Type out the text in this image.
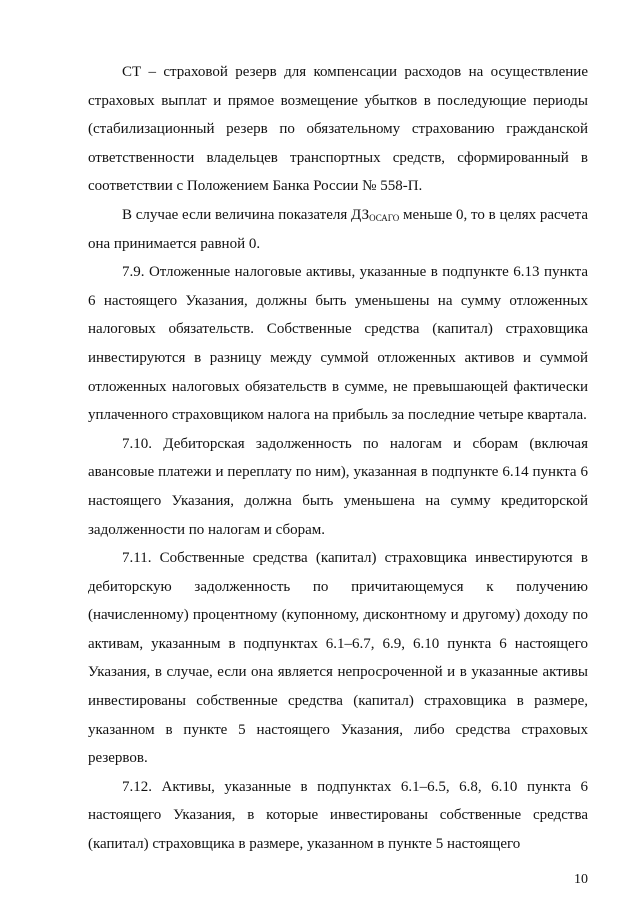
СТ – страховой резерв для компенсации расходов на осуществление страховых выплат и прямое возмещение убытков в последующие периоды (стабилизационный резерв по обязательному страхованию гражданской ответственности владельцев транспортных средств, сформированный в соответствии с Положением Банка России № 558-П.

В случае если величина показателя $ДЗ_{ОСАГО}$ меньше 0, то в целях расчета она принимается равной 0.

7.9. Отложенные налоговые активы, указанные в подпункте 6.13 пункта 6 настоящего Указания, должны быть уменьшены на сумму отложенных налоговых обязательств. Собственные средства (капитал) страховщика инвестируются в разницу между суммой отложенных активов и суммой отложенных налоговых обязательств в сумме, не превышающей фактически уплаченного страховщиком налога на прибыль за последние четыре квартала.

7.10. Дебиторская задолженность по налогам и сборам (включая авансовые платежи и переплату по ним), указанная в подпункте 6.14 пункта 6 настоящего Указания, должна быть уменьшена на сумму кредиторской задолженности по налогам и сборам.

7.11. Собственные средства (капитал) страховщика инвестируются в дебиторскую задолженность по причитающемуся к получению (начисленному) процентному (купонному, дисконтному и другому) доходу по активам, указанным в подпунктах 6.1–6.7, 6.9, 6.10 пункта 6 настоящего Указания, в случае, если она является непросроченной и в указанные активы инвестированы собственные средства (капитал) страховщика в размере, указанном в пункте 5 настоящего Указания, либо средства страховых резервов.

7.12. Активы, указанные в подпунктах 6.1–6.5, 6.8, 6.10 пункта 6 настоящего Указания, в которые инвестированы собственные средства (капитал) страховщика в размере, указанном в пункте 5 настоящего

10
